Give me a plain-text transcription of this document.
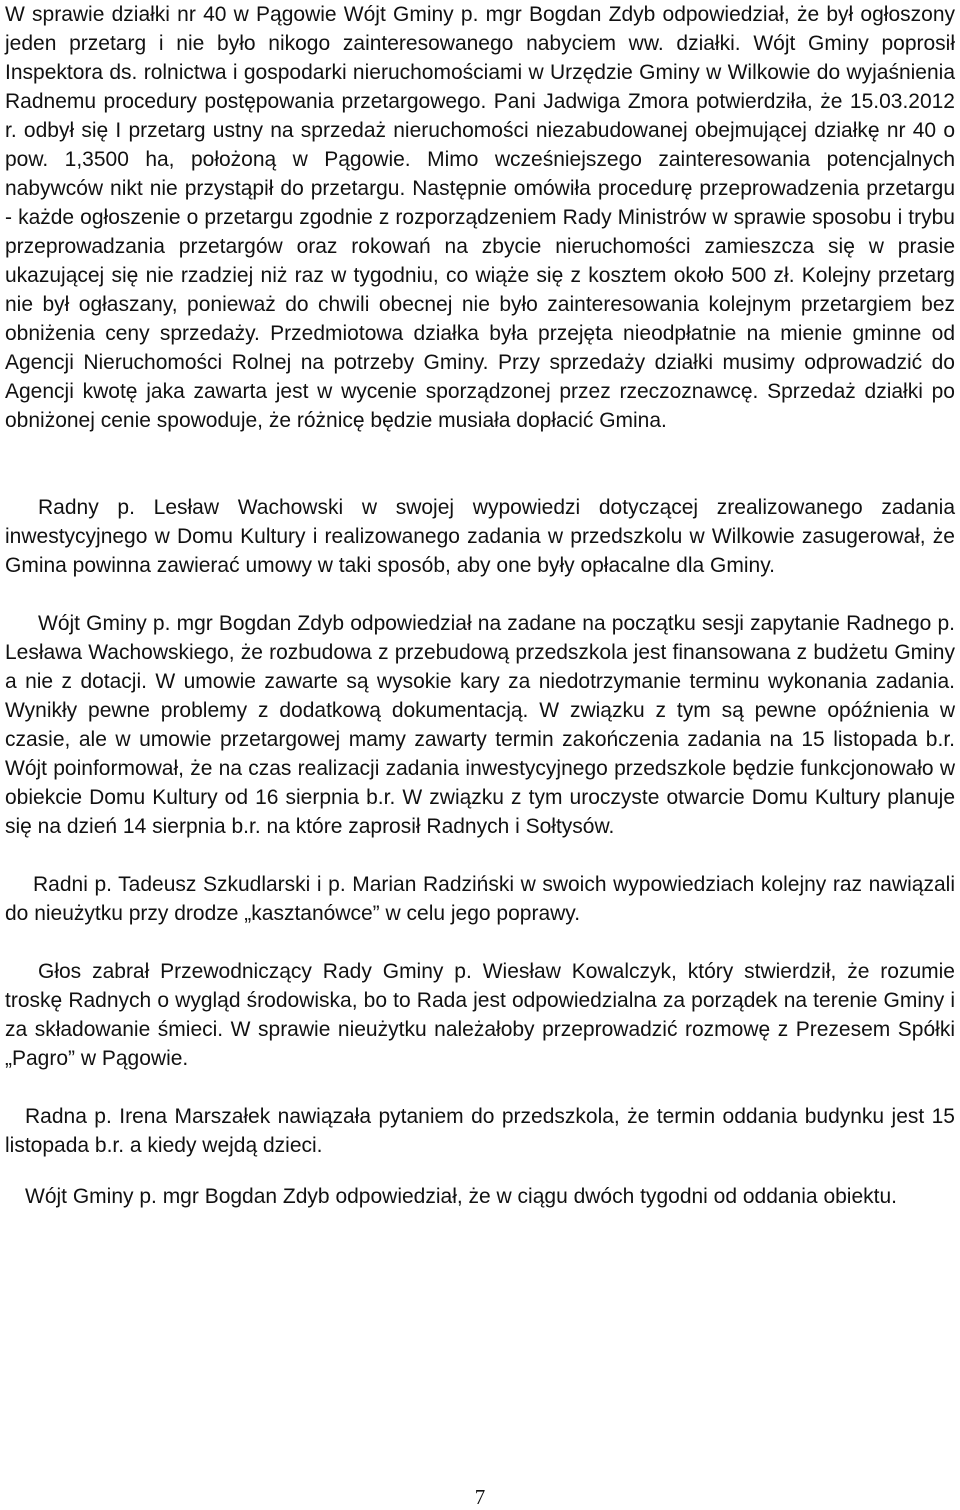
W sprawie działki nr 40 w Pągowie Wójt Gminy p. mgr Bogdan Zdyb odpowiedział, że był ogłoszony jeden przetarg i nie było nikogo zainteresowanego nabyciem ww. działki. Wójt Gminy poprosił Inspektora ds. rolnictwa i gospodarki nieruchomościami w Urzędzie Gminy w Wilkowie do wyjaśnienia Radnemu procedury postępowania przetargowego. Pani Jadwiga Zmora potwierdziła, że 15.03.2012 r. odbył się I przetarg ustny na sprzedaż nieruchomości niezabudowanej obejmującej działkę nr 40 o pow. 1,3500 ha, położoną w Pągowie. Mimo wcześniejszego zainteresowania potencjalnych nabywców nikt nie przystąpił do przetargu. Następnie omówiła procedurę przeprowadzenia przetargu - każde ogłoszenie o przetargu zgodnie z rozporządzeniem Rady Ministrów w sprawie sposobu i trybu przeprowadzania przetargów oraz rokowań na zbycie nieruchomości zamieszcza się w prasie ukazującej się nie rzadziej niż raz w tygodniu, co wiąże się z kosztem około 500 zł. Kolejny przetarg nie był ogłaszany, ponieważ do chwili obecnej nie było zainteresowania kolejnym przetargiem bez obniżenia ceny sprzedaży. Przedmiotowa działka była przejęta nieodpłatnie na mienie gminne od Agencji Nieruchomości Rolnej na potrzeby Gminy. Przy sprzedaży działki musimy odprowadzić do Agencji kwotę jaka zawarta jest w wycenie sporządzonej przez rzeczoznawcę. Sprzedaż działki po obniżonej cenie spowoduje, że różnicę będzie musiała dopłacić Gmina.

Radny p. Lesław Wachowski w swojej wypowiedzi dotyczącej zrealizowanego zadania inwestycyjnego w Domu Kultury i realizowanego zadania w przedszkolu w Wilkowie zasugerował, że Gmina powinna zawierać umowy w taki sposób, aby one były opłacalne dla Gminy.

Wójt Gminy p. mgr Bogdan Zdyb odpowiedział na zadane na początku sesji zapytanie Radnego p. Lesława Wachowskiego, że rozbudowa z przebudową przedszkola jest finansowana z budżetu Gminy a nie z dotacji. W umowie zawarte są wysokie kary za niedotrzymanie terminu wykonania zadania. Wynikły pewne problemy z dodatkową dokumentacją. W związku z tym są pewne opóźnienia w czasie, ale w umowie przetargowej mamy zawarty termin zakończenia zadania na 15 listopada b.r. Wójt poinformował, że na czas realizacji zadania inwestycyjnego przedszkole będzie funkcjonowało w obiekcie Domu Kultury od 16 sierpnia b.r. W związku z tym uroczyste otwarcie Domu Kultury planuje się na dzień 14 sierpnia b.r. na które zaprosił Radnych i Sołtysów.

Radni p. Tadeusz Szkudlarski i p. Marian Radziński w swoich wypowiedziach kolejny raz nawiązali do nieużytku przy drodze „kasztanówce” w celu jego poprawy.

Głos zabrał Przewodniczący Rady Gminy p. Wiesław Kowalczyk, który stwierdził, że rozumie troskę Radnych o wygląd środowiska, bo to Rada jest odpowiedzialna za porządek na terenie Gminy i za składowanie śmieci. W sprawie nieużytku należałoby przeprowadzić rozmowę z Prezesem Spółki „Pagro” w Pągowie.

Radna p. Irena Marszałek nawiązała pytaniem do przedszkola, że termin oddania budynku jest 15 listopada b.r. a kiedy wejdą dzieci.

Wójt Gminy p. mgr Bogdan Zdyb odpowiedział, że w ciągu dwóch tygodni od oddania obiektu.

7
